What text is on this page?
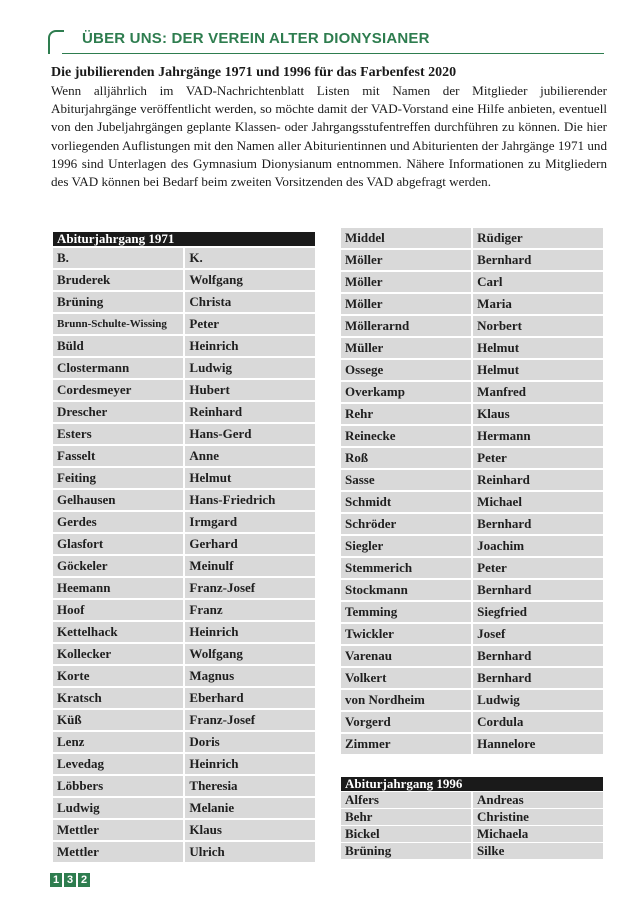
ÜBER UNS: DER VEREIN ALTER DIONYSIANER
Die jubilierenden Jahrgänge 1971 und 1996 für das Farbenfest 2020

Wenn alljährlich im VAD-Nachrichtenblatt Listen mit Namen der Mitglieder jubilierender Abiturjahrgänge veröffentlicht werden, so möchte damit der VAD-Vorstand eine Hilfe anbieten, eventuell von den Jubeljahrgängen geplante Klassen- oder Jahrgangsstufentreffen durchführen zu können. Die hier vorliegenden Auflistungen mit den Namen aller Abiturientinnen und Abiturienten der Jahrgänge 1971 und 1996 sind Unterlagen des Gymnasium Dionysianum entnommen. Nähere Informationen zu Mitgliedern des VAD können bei Bedarf beim zweiten Vorsitzenden des VAD abgefragt werden.

Abiturjahrgang 1971	
B.	K.
Bruderek	Wolfgang
Brüning	Christa
Brunn-Schulte-Wissing	Peter
Büld	Heinrich
Clostermann	Ludwig
Cordesmeyer	Hubert
Drescher	Reinhard
Esters	Hans-Gerd
Fasselt	Anne
Feiting	Helmut
Gelhausen	Hans-Friedrich
Gerdes	Irmgard
Glasfort	Gerhard
Göckeler	Meinulf
Heemann	Franz-Josef
Hoof	Franz
Kettelhack	Heinrich
Kollecker	Wolfgang
Korte	Magnus
Kratsch	Eberhard
Küß	Franz-Josef
Lenz	Doris
Levedag	Heinrich
Löbbers	Theresia
Ludwig	Melanie
Mettler	Klaus
Mettler	Ulrich
Middel	Rüdiger
Möller	Bernhard
Möller	Carl
Möller	Maria
Möllerarnd	Norbert
Müller	Helmut
Ossege	Helmut
Overkamp	Manfred
Rehr	Klaus
Reinecke	Hermann
Roß	Peter
Sasse	Reinhard
Schmidt	Michael
Schröder	Bernhard
Siegler	Joachim
Stemmerich	Peter
Stockmann	Bernhard
Temming	Siegfried
Twickler	Josef
Varenau	Bernhard
Volkert	Bernhard
von Nordheim	Ludwig
Vorgerd	Cordula
Zimmer	Hannelore
Abiturjahrgang 1996	
Alfers	Andreas
Behr	Christine
Bickel	Michaela
Brüning	Silke
1 3 2
